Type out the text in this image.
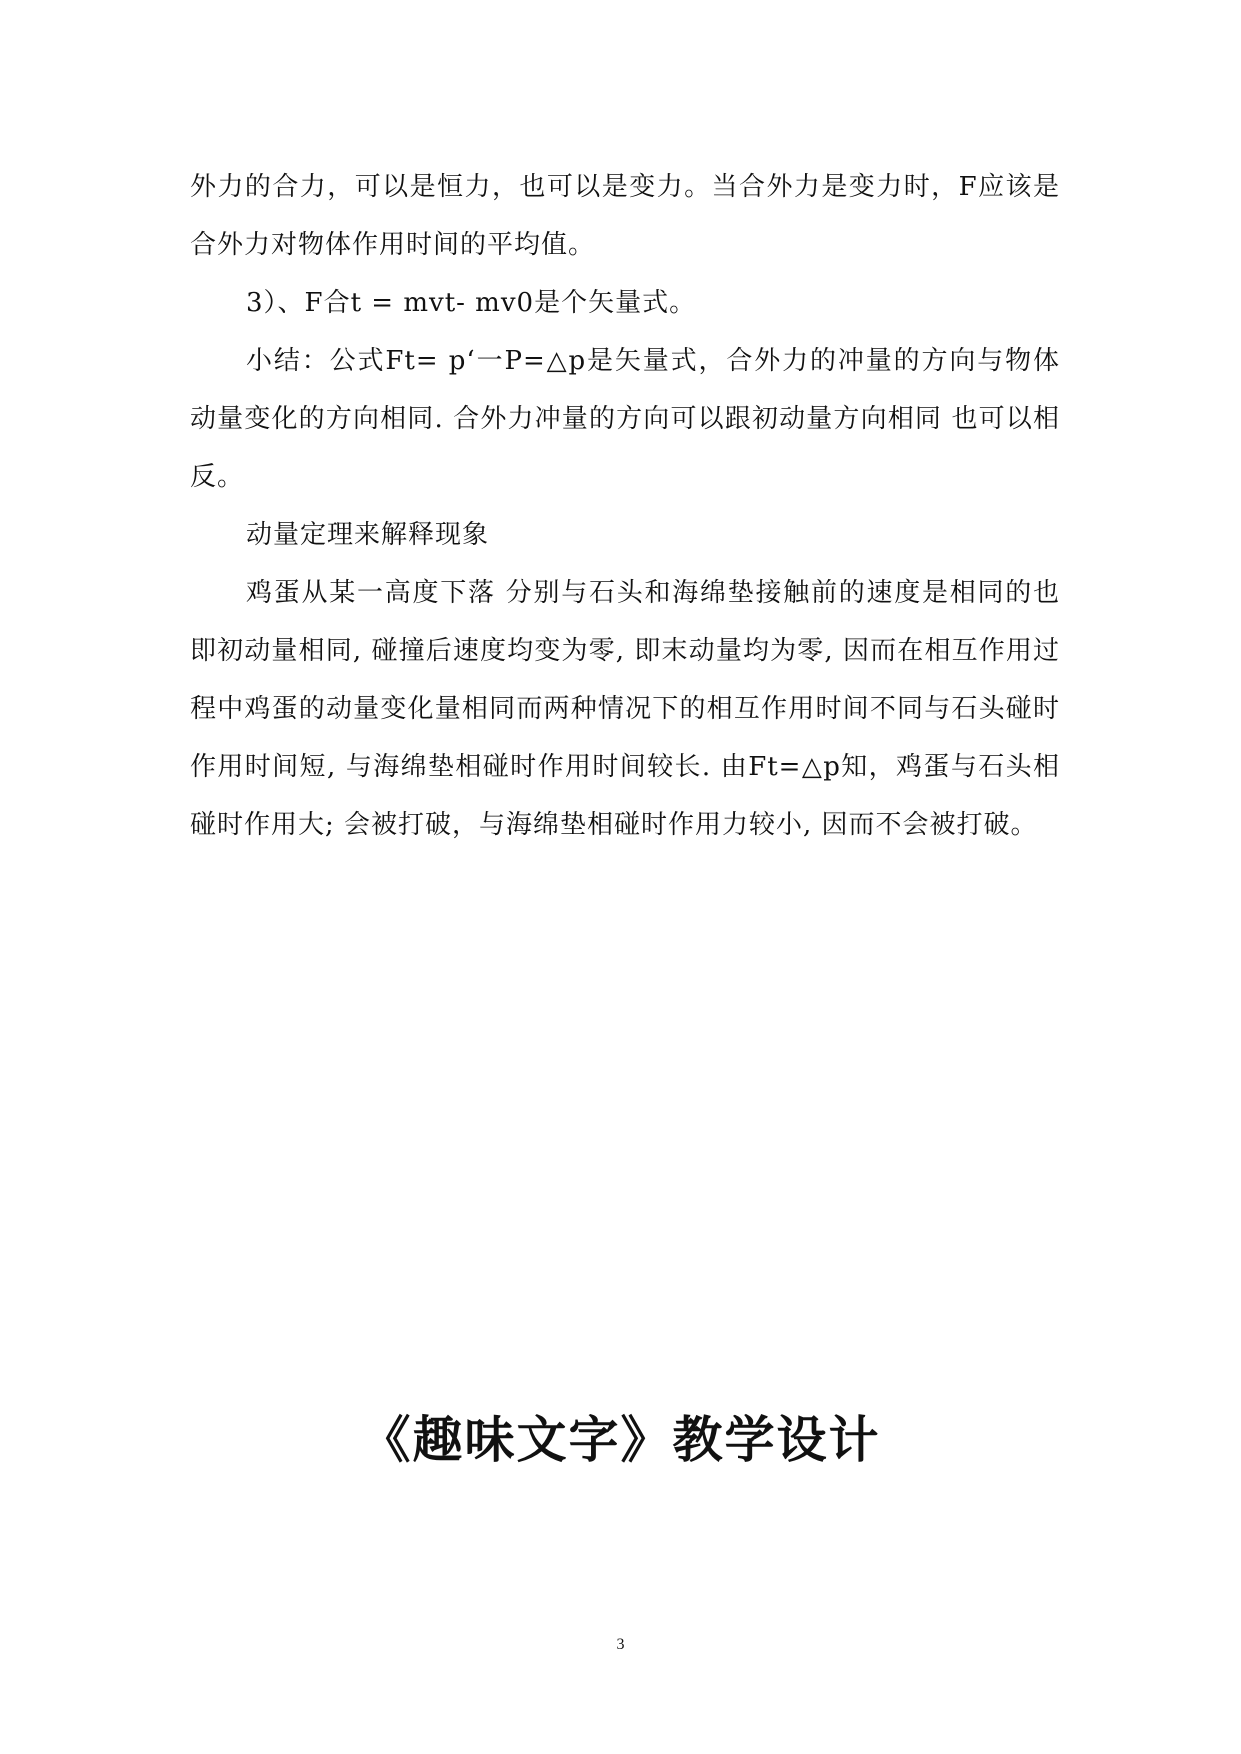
外力的合力，可以是恒力，也可以是变力。当合外力是变力时，F应该是合外力对物体作用时间的平均值。

3）、F合t = mvt- mv0是个矢量式。

小结：公式Ft= p‘一P=△p是矢量式，合外力的冲量的方向与物体动量变化的方向相同. 合外力冲量的方向可以跟初动量方向相同 也可以相反。

动量定理来解释现象

鸡蛋从某一高度下落 分别与石头和海绵垫接触前的速度是相同的也即初动量相同, 碰撞后速度均变为零, 即末动量均为零, 因而在相互作用过程中鸡蛋的动量变化量相同而两种情况下的相互作用时间不同与石头碰时作用时间短, 与海绵垫相碰时作用时间较长. 由Ft=△p知，鸡蛋与石头相碰时作用大; 会被打破，与海绵垫相碰时作用力较小, 因而不会被打破。

《趣味文字》教学设计

3
